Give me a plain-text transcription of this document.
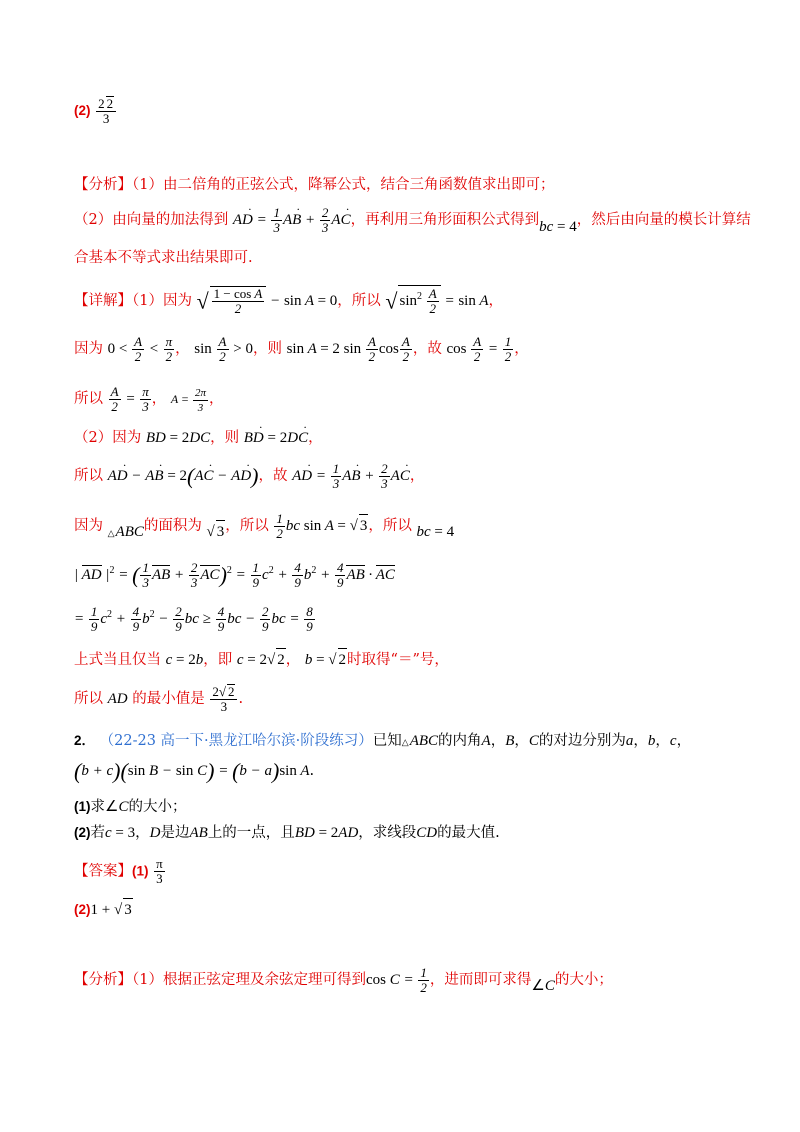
$(2) \frac{2 2}{3}$
【分析】（1）由二倍角的正弦公式，降幂公式，结合三角函数值求出即可；
（2）由向量的加法得到 · AD = $\frac{1}{3}$ · AB + $\frac{2}{3}$ · AC，再利用三角形面积公式得到bc = 4，然后由向量的模长计算结
合基本不等式求出结果即可.
【详解】（1）因为 √ $\frac{\text{1 − cos A}}{2} - \sin A = 0$，所以 √ $\sin^2 \frac{A}{2} = \sin A$，
因为 $0 < \frac{A}{2} < \frac{\pi}{2}$ ， $\sin \frac{A}{2} > 0$，则 sin A = 2 $\sin \frac{A}{2}$ $\cos \frac{A}{2}$ ，故 $\cos \frac{A}{2} = \frac{1}{2}$ ，
所以 $\frac{A}{2} = \frac{\pi}{3}$ ， $A = \frac{2\pi}{3}$ ，
（2）因为 BD = 2DC，则 · BD = 2· DC，
所以 · AD − · AB = 2(· AC − · AD)，故 · AD = $\frac{1}{3}$ · AB + $\frac{2}{3}$ · AC，
因为 △ABC的面积为 √ 3，所以 $\frac{1}{2}$ bc sin A = √ 3，所以 bc = 4
| AD $|^2$ = ( $\frac{1}{3}$ AB + $\frac{2}{3} AC)^2 = \frac{1}{9} c^2 + \frac{4}{9} b^2 + \frac{4}{9}$ AB · AC
= $\frac{1}{9} c^2 + \frac{4}{9} b^2 - \frac{2}{9}$ bc ≥ $\frac{4}{9}$ bc − $\frac{2}{9}$ bc = $\frac{8}{9}$
上式当且仅当 c = 2b，即 c = 2√ 2， b = √ 2时取得“＝”号，
所以 AD 的最小值是 $\frac{2√ 2}{3}$ .
2． （22-23 高一下·黑龙江哈尔滨·阶段练习）已知△ABC的内角A，B，C的对边分别为a，b，c，
(b + c)(sin B − sin C) = (b − a)sin A.
(1)求∠C的大小；
(2)若c = 3，D是边AB上的一点，且BD = 2AD，求线段CD的最大值.
【答案】$(1) \frac{\pi}{3}$
(2)1 + √ 3
【分析】（1）根据正弦定理及余弦定理可得到$\cos C = \frac{1}{2}$ ，进而即可求得∠C的大小；
